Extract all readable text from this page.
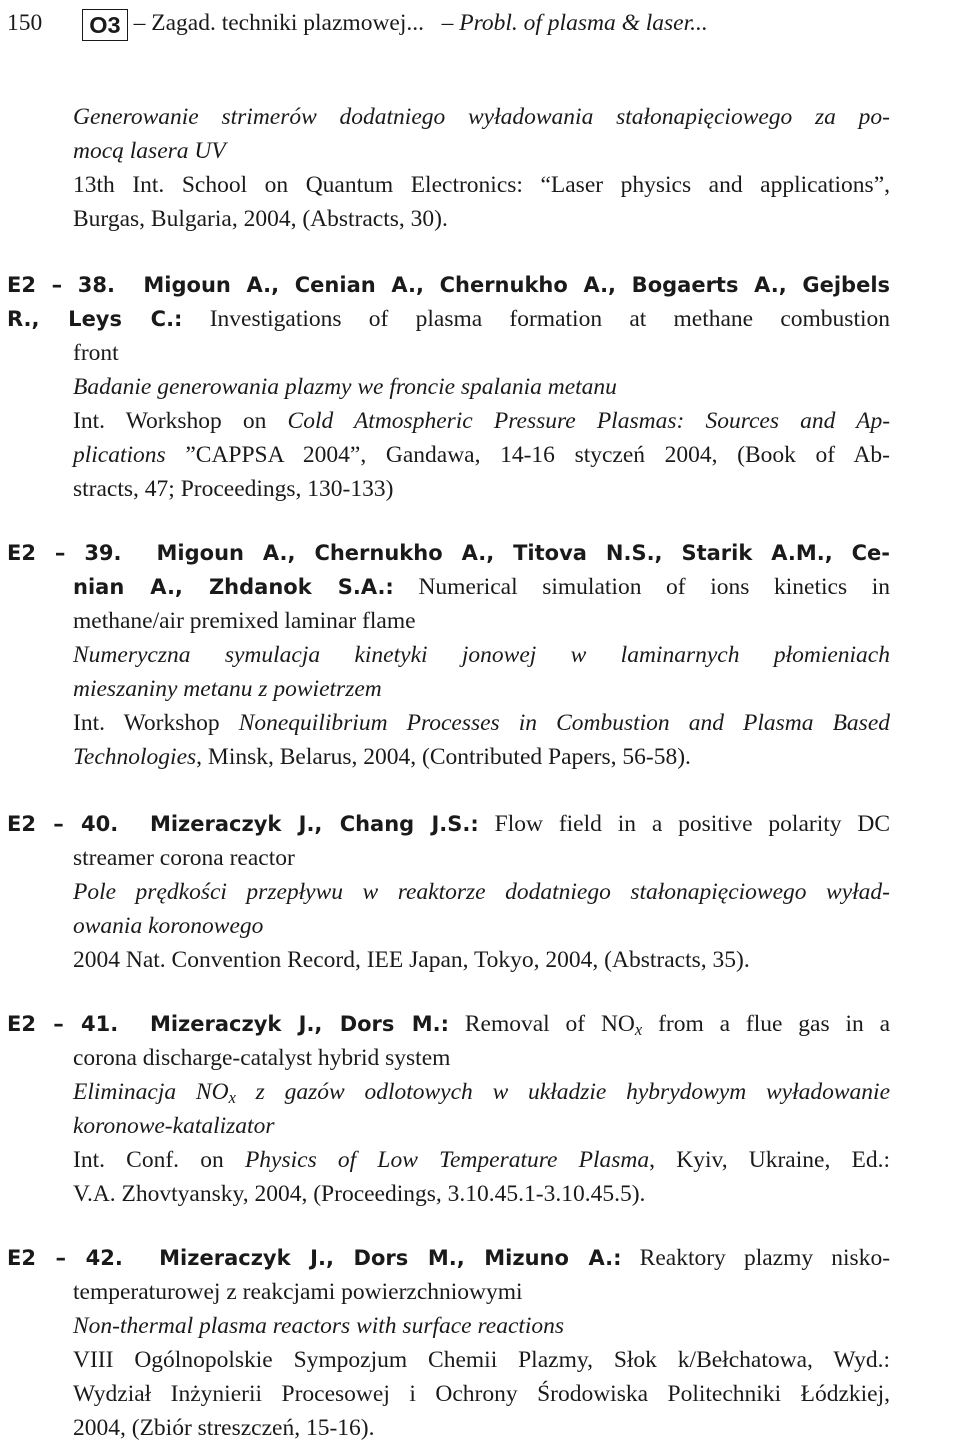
150 O3 – Zagad. techniki plazmowej... – Probl. of plasma & laser...
Generowanie strimerów dodatniego wyładowania stałonapięciowego za po-
mocą lasera UV
13th Int. School on Quantum Electronics: “Laser physics and applications”,
Burgas, Bulgaria, 2004, (Abstracts, 30).
E2 – 38. Migoun A., Cenian A., Chernukho A., Bogaerts A., Gejbels
R., Leys C.: Investigations of plasma formation at methane combustion
front
Badanie generowania plazmy we froncie spalania metanu
Int. Workshop on Cold Atmospheric Pressure Plasmas: Sources and Ap-
plications ”CAPPSA 2004”, Gandawa, 14-16 styczeń 2004, (Book of Ab-
stracts, 47; Proceedings, 130-133)
E2 – 39. Migoun A., Chernukho A., Titova N.S., Starik A.M., Ce-
nian A., Zhdanok S.A.: Numerical simulation of ions kinetics in
methane/air premixed laminar flame
Numeryczna symulacja kinetyki jonowej w laminarnych płomieniach
mieszaniny metanu z powietrzem
Int. Workshop Nonequilibrium Processes in Combustion and Plasma Based
Technologies, Minsk, Belarus, 2004, (Contributed Papers, 56-58).
E2 – 40. Mizeraczyk J., Chang J.S.: Flow field in a positive polarity DC
streamer corona reactor
Pole prędkości przepływu w reaktorze dodatniego stałonapięciowego wyład-
owania koronowego
2004 Nat. Convention Record, IEE Japan, Tokyo, 2004, (Abstracts, 35).
E2 – 41. Mizeraczyk J., Dors M.: Removal of $NO_x$ from a flue gas in a
corona discharge-catalyst hybrid system
Eliminacja $NO_x$ z gazów odlotowych w układzie hybrydowym wyładowanie
koronowe-katalizator
Int. Conf. on Physics of Low Temperature Plasma, Kyiv, Ukraine, Ed.:
V.A. Zhovtyansky, 2004, (Proceedings, 3.10.45.1-3.10.45.5).
E2 – 42. Mizeraczyk J., Dors M., Mizuno A.: Reaktory plazmy nisko-
temperaturowej z reakcjami powierzchniowymi
Non-thermal plasma reactors with surface reactions
VIII Ogólnopolskie Sympozjum Chemii Plazmy, Słok k/Bełchatowa, Wyd.:
Wydział Inżynierii Procesowej i Ochrony Środowiska Politechniki Łódzkiej,
2004, (Zbiór streszczeń, 15-16).
